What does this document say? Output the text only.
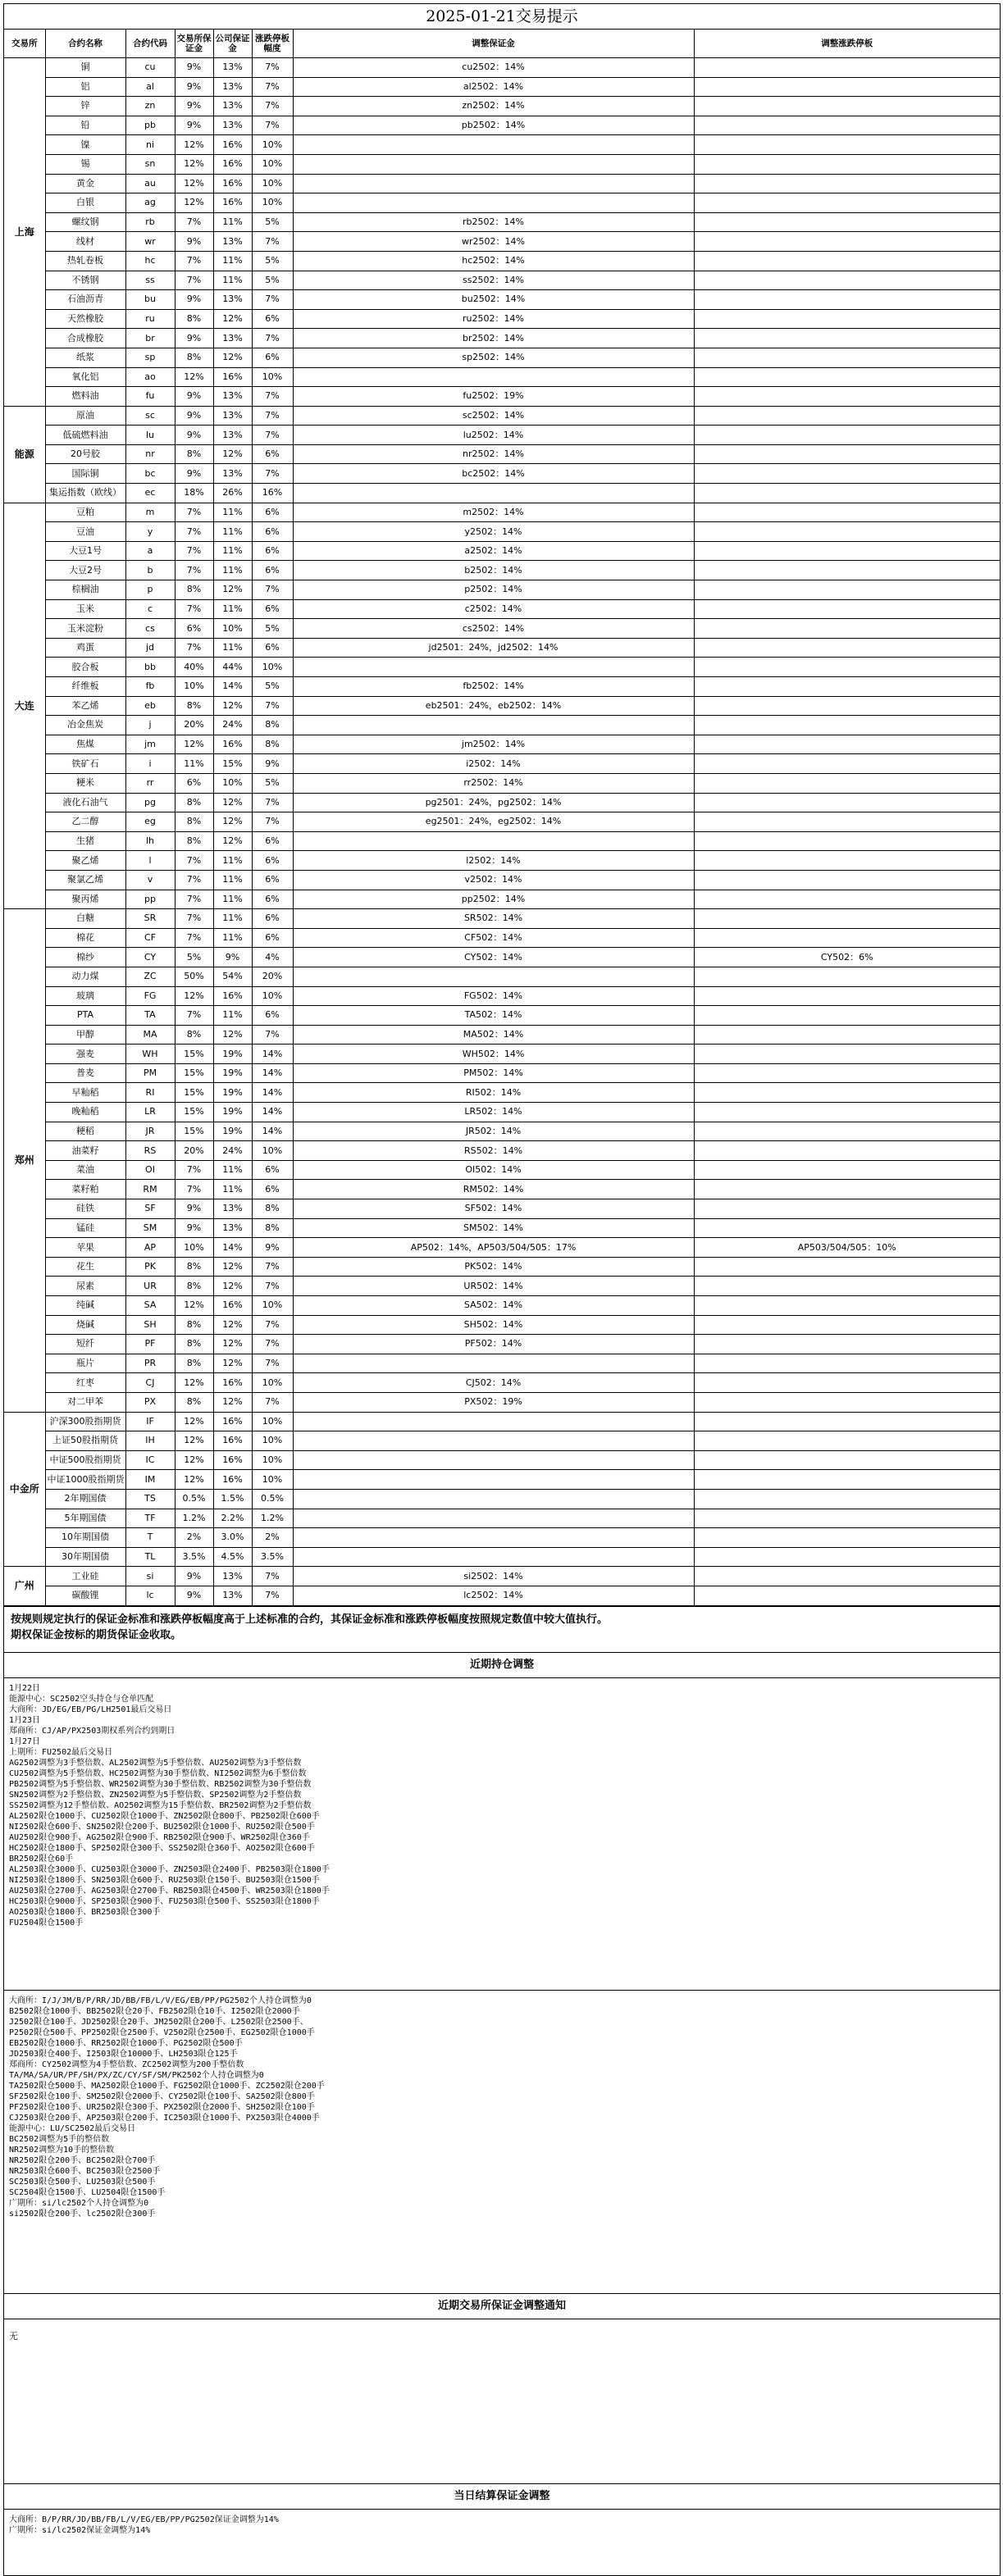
2025-01-21交易提示
交易所	合约名称	合约代码	交易所保证金	公司保证金	涨跌停板幅度	调整保证金	调整涨跌停板
上海	铜	cu	9%	13%	7%	cu2502：14%	
	铝	al	9%	13%	7%	al2502：14%	
	锌	zn	9%	13%	7%	zn2502：14%	
	铅	pb	9%	13%	7%	pb2502：14%	
	镍	ni	12%	16%	10%		
	锡	sn	12%	16%	10%		
	黄金	au	12%	16%	10%		
	白银	ag	12%	16%	10%		
	螺纹钢	rb	7%	11%	5%	rb2502：14%	
	线材	wr	9%	13%	7%	wr2502：14%	
	热轧卷板	hc	7%	11%	5%	hc2502：14%	
	不锈钢	ss	7%	11%	5%	ss2502：14%	
	石油沥青	bu	9%	13%	7%	bu2502：14%	
	天然橡胶	ru	8%	12%	6%	ru2502：14%	
	合成橡胶	br	9%	13%	7%	br2502：14%	
	纸浆	sp	8%	12%	6%	sp2502：14%	
	氧化铝	ao	12%	16%	10%		
	燃料油	fu	9%	13%	7%	fu2502：19%	
能源	原油	sc	9%	13%	7%	sc2502：14%	
	低硫燃料油	lu	9%	13%	7%	lu2502：14%	
	20号胶	nr	8%	12%	6%	nr2502：14%	
	国际铜	bc	9%	13%	7%	bc2502：14%	
	集运指数（欧线）	ec	18%	26%	16%		
大连	豆粕	m	7%	11%	6%	m2502：14%	
	豆油	y	7%	11%	6%	y2502：14%	
	大豆1号	a	7%	11%	6%	a2502：14%	
	大豆2号	b	7%	11%	6%	b2502：14%	
	棕榈油	p	8%	12%	7%	p2502：14%	
	玉米	c	7%	11%	6%	c2502：14%	
	玉米淀粉	cs	6%	10%	5%	cs2502：14%	
	鸡蛋	jd	7%	11%	6%	jd2501：24%，jd2502：14%	
	胶合板	bb	40%	44%	10%		
	纤维板	fb	10%	14%	5%	fb2502：14%	
	苯乙烯	eb	8%	12%	7%	eb2501：24%，eb2502：14%	
	冶金焦炭	j	20%	24%	8%		
	焦煤	jm	12%	16%	8%	jm2502：14%	
	铁矿石	i	11%	15%	9%	i2502：14%	
	粳米	rr	6%	10%	5%	rr2502：14%	
	液化石油气	pg	8%	12%	7%	pg2501：24%，pg2502：14%	
	乙二醇	eg	8%	12%	7%	eg2501：24%，eg2502：14%	
	生猪	lh	8%	12%	6%		
	聚乙烯	l	7%	11%	6%	l2502：14%	
	聚氯乙烯	v	7%	11%	6%	v2502：14%	
	聚丙烯	pp	7%	11%	6%	pp2502：14%	
郑州	白糖	SR	7%	11%	6%	SR502：14%	
	棉花	CF	7%	11%	6%	CF502：14%	
	棉纱	CY	5%	9%	4%	CY502：14%	CY502：6%
	动力煤	ZC	50%	54%	20%		
	玻璃	FG	12%	16%	10%	FG502：14%	
	PTA	TA	7%	11%	6%	TA502：14%	
	甲醇	MA	8%	12%	7%	MA502：14%	
	强麦	WH	15%	19%	14%	WH502：14%	
	普麦	PM	15%	19%	14%	PM502：14%	
	早籼稻	RI	15%	19%	14%	RI502：14%	
	晚籼稻	LR	15%	19%	14%	LR502：14%	
	粳稻	JR	15%	19%	14%	JR502：14%	
	油菜籽	RS	20%	24%	10%	RS502：14%	
	菜油	OI	7%	11%	6%	OI502：14%	
	菜籽粕	RM	7%	11%	6%	RM502：14%	
	硅铁	SF	9%	13%	8%	SF502：14%	
	锰硅	SM	9%	13%	8%	SM502：14%	
	苹果	AP	10%	14%	9%	AP502：14%，AP503/504/505：17%	AP503/504/505：10%
	花生	PK	8%	12%	7%	PK502：14%	
	尿素	UR	8%	12%	7%	UR502：14%	
	纯碱	SA	12%	16%	10%	SA502：14%	
	烧碱	SH	8%	12%	7%	SH502：14%	
	短纤	PF	8%	12%	7%	PF502：14%	
	瓶片	PR	8%	12%	7%		
	红枣	CJ	12%	16%	10%	CJ502：14%	
	对二甲苯	PX	8%	12%	7%	PX502：19%	
中金所	沪深300股指期货	IF	12%	16%	10%		
	上证50股指期货	IH	12%	16%	10%		
	中证500股指期货	IC	12%	16%	10%		
	中证1000股指期货	IM	12%	16%	10%		
	2年期国债	TS	0.5%	1.5%	0.5%		
	5年期国债	TF	1.2%	2.2%	1.2%		
	10年期国债	T	2%	3.0%	2%		
	30年期国债	TL	3.5%	4.5%	3.5%		
广州	工业硅	si	9%	13%	7%	si2502：14%	
	碳酸锂	lc	9%	13%	7%	lc2502：14%	
按规则规定执行的保证金标准和涨跌停板幅度高于上述标准的合约，其保证金标准和涨跌停板幅度按照规定数值中较大值执行。
期权保证金按标的期货保证金收取。
近期持仓调整
1月22日
能源中心：SC2502空头持仓与仓单匹配
大商所：JD/EG/EB/PG/LH2501最后交易日
1月23日
郑商所：CJ/AP/PX2503期权系列合约到期日
1月27日
上期所：FU2502最后交易日
AG2502调整为3手整倍数、AL2502调整为5手整倍数、AU2502调整为3手整倍数
CU2502调整为5手整倍数、HC2502调整为30手整倍数、NI2502调整为6手整倍数
PB2502调整为5手整倍数、WR2502调整为30手整倍数、RB2502调整为30手整倍数
SN2502调整为2手整倍数、ZN2502调整为5手整倍数、SP2502调整为2手整倍数
SS2502调整为12手整倍数、AO2502调整为15手整倍数、BR2502调整为2手整倍数
AL2502限仓1000手、CU2502限仓1000手、ZN2502限仓800手、PB2502限仓600手
NI2502限仓600手、SN2502限仓200手、BU2502限仓1000手、RU2502限仓500手
AU2502限仓900手、AG2502限仓900手、RB2502限仓900手、WR2502限仓360手
HC2502限仓1800手、SP2502限仓300手、SS2502限仓360手、AO2502限仓600手
BR2502限仓60手
AL2503限仓3000手、CU2503限仓3000手、ZN2503限仓2400手、PB2503限仓1800手
NI2503限仓1800手、SN2503限仓600手、RU2503限仓150手、BU2503限仓1500手
AU2503限仓2700手、AG2503限仓2700手、RB2503限仓4500手、WR2503限仓1800手
HC2503限仓9000手、SP2503限仓900手、FU2503限仓500手、SS2503限仓1800手
AO2503限仓1800手、BR2503限仓300手
FU2504限仓1500手
大商所：I/J/JM/B/P/RR/JD/BB/FB/L/V/EG/EB/PP/PG2502个人持仓调整为0
B2502限仓1000手、BB2502限仓20手、FB2502限仓10手、I2502限仓2000手
J2502限仓100手、JD2502限仓20手、JM2502限仓200手、L2502限仓2500手、
P2502限仓500手、PP2502限仓2500手、V2502限仓2500手、EG2502限仓1000手
EB2502限仓1000手、RR2502限仓1000手、PG2502限仓500手
JD2503限仓400手、I2503限仓10000手、LH2503限仓125手
郑商所：CY2502调整为4手整倍数、ZC2502调整为200手整倍数
TA/MA/SA/UR/PF/SH/PX/ZC/CY/SF/SM/PK2502个人持仓调整为0
TA2502限仓5000手、MA2502限仓1000手、FG2502限仓1000手、ZC2502限仓200手
SF2502限仓100手、SM2502限仓2000手、CY2502限仓100手、SA2502限仓800手
PF2502限仓100手、UR2502限仓300手、PX2502限仓2000手、SH2502限仓100手
CJ2503限仓200手、AP2503限仓200手、IC2503限仓1000手、PX2503限仓4000手
能源中心：LU/SC2502最后交易日
BC2502调整为5手的整倍数
NR2502调整为10手的整倍数
NR2502限仓200手、BC2502限仓700手
NR2503限仓600手、BC2503限仓2500手
SC2503限仓500手、LU2503限仓500手
SC2504限仓1500手、LU2504限仓1500手
广期所：si/lc2502个人持仓调整为0
si2502限仓200手、lc2502限仓300手
近期交易所保证金调整通知
无
当日结算保证金调整
大商所：B/P/RR/JD/BB/FB/L/V/EG/EB/PP/PG2502保证金调整为14%
广期所：si/lc2502保证金调整为14%
